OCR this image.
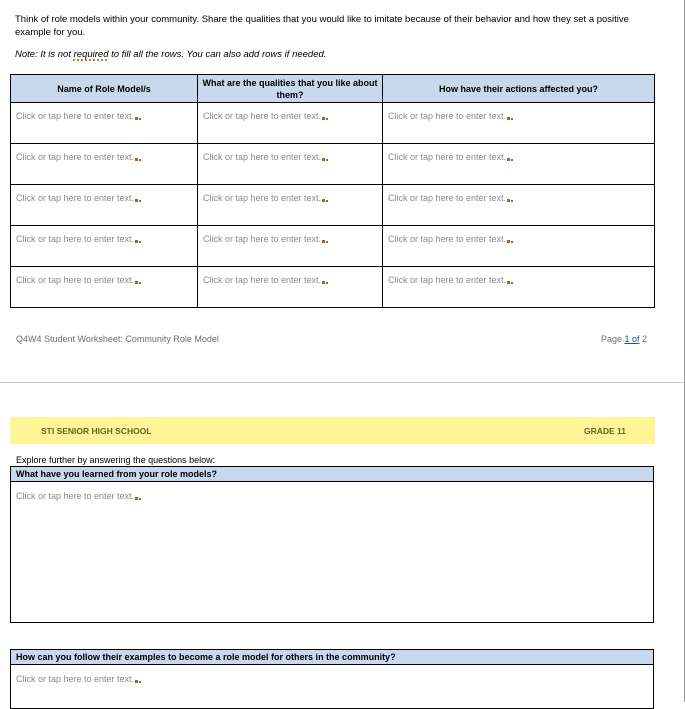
Think of role models within your community. Share the qualities that you would like to imitate because of their behavior and how they set a positive example for you.
Note: It is not required to fill all the rows. You can also add rows if needed.
Name of Role Model/s	What are the qualities that you like about them?	How have their actions affected you?
Click or tap here to enter text.	Click or tap here to enter text.	Click or tap here to enter text.
Click or tap here to enter text.	Click or tap here to enter text.	Click or tap here to enter text.
Click or tap here to enter text.	Click or tap here to enter text.	Click or tap here to enter text.
Click or tap here to enter text.	Click or tap here to enter text.	Click or tap here to enter text.
Click or tap here to enter text.	Click or tap here to enter text.	Click or tap here to enter text.
Q4W4 Student Worksheet: Community Role Model	Page 1 of 2
STI SENIOR HIGH SCHOOL	GRADE 11
Explore further by answering the questions below:
What have you learned from your role models?
Click or tap here to enter text.
How can you follow their examples to become a role model for others in the community?
Click or tap here to enter text.
